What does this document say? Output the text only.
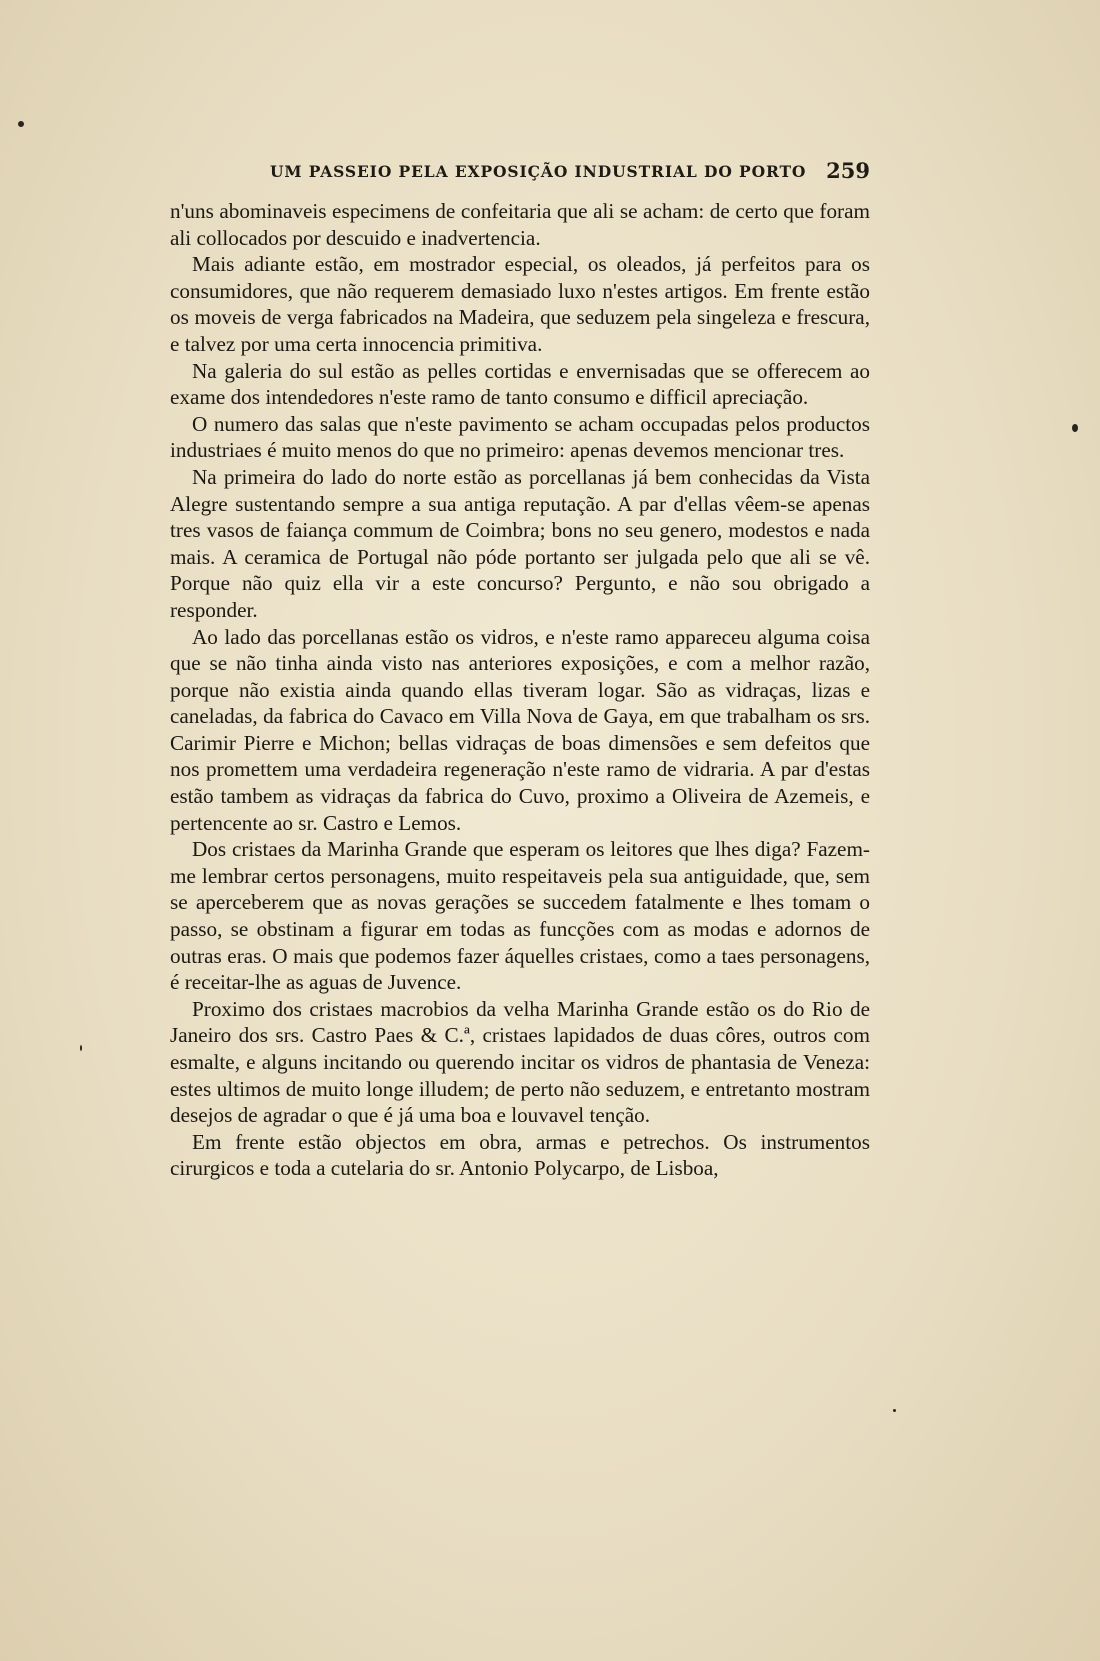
UM PASSEIO PELA EXPOSIÇÃO INDUSTRIAL DO PORTO 259

n'uns abominaveis especimens de confeitaria que ali se acham: de certo que foram ali collocados por descuido e inadvertencia.

Mais adiante estão, em mostrador especial, os oleados, já perfeitos para os consumidores, que não requerem demasiado luxo n'estes artigos. Em frente estão os moveis de verga fabricados na Madeira, que seduzem pela singeleza e frescura, e talvez por uma certa innocencia primitiva.

Na galeria do sul estão as pelles cortidas e envernisadas que se offerecem ao exame dos intendedores n'este ramo de tanto consumo e difficil apreciação.

O numero das salas que n'este pavimento se acham occupadas pelos productos industriaes é muito menos do que no primeiro: apenas devemos mencionar tres.

Na primeira do lado do norte estão as porcellanas já bem conhecidas da Vista Alegre sustentando sempre a sua antiga reputação. A par d'ellas vêem-se apenas tres vasos de faiança commum de Coimbra; bons no seu genero, modestos e nada mais. A ceramica de Portugal não póde portanto ser julgada pelo que ali se vê. Porque não quiz ella vir a este concurso? Pergunto, e não sou obrigado a responder.

Ao lado das porcellanas estão os vidros, e n'este ramo appareceu alguma coisa que se não tinha ainda visto nas anteriores exposições, e com a melhor razão, porque não existia ainda quando ellas tiveram logar. São as vidraças, lizas e caneladas, da fabrica do Cavaco em Villa Nova de Gaya, em que trabalham os srs. Carimir Pierre e Michon; bellas vidraças de boas dimensões e sem defeitos que nos promettem uma verdadeira regeneração n'este ramo de vidraria. A par d'estas estão tambem as vidraças da fabrica do Cuvo, proximo a Oliveira de Azemeis, e pertencente ao sr. Castro e Lemos.

Dos cristaes da Marinha Grande que esperam os leitores que lhes diga? Fazem-me lembrar certos personagens, muito respeitaveis pela sua antiguidade, que, sem se aperceberem que as novas gerações se succedem fatalmente e lhes tomam o passo, se obstinam a figurar em todas as funcções com as modas e adornos de outras eras. O mais que podemos fazer áquelles cristaes, como a taes personagens, é receitar-lhe as aguas de Juvence.

Proximo dos cristaes macrobios da velha Marinha Grande estão os do Rio de Janeiro dos srs. Castro Paes & C.ª, cristaes lapidados de duas côres, outros com esmalte, e alguns incitando ou querendo incitar os vidros de phantasia de Veneza: estes ultimos de muito longe illudem; de perto não seduzem, e entretanto mostram desejos de agradar o que é já uma boa e louvavel tenção.

Em frente estão objectos em obra, armas e petrechos. Os instrumentos cirurgicos e toda a cutelaria do sr. Antonio Polycarpo, de Lisboa,
